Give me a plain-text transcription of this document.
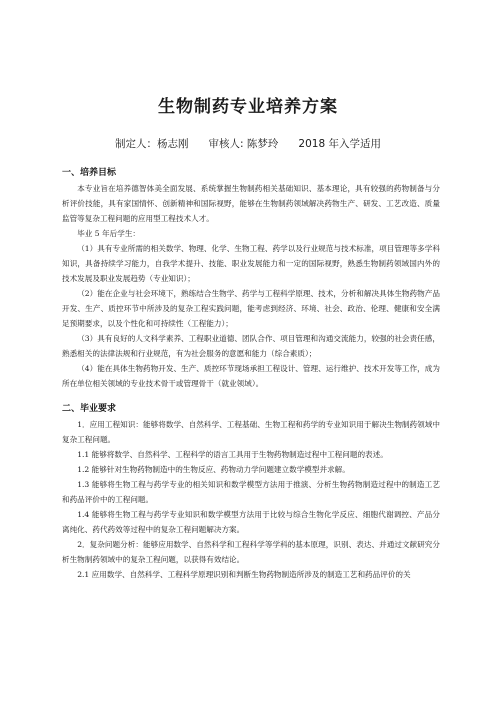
生物制药专业培养方案
制定人：杨志刚      审核人: 陈梦玲      2018 年入学适用
一、培养目标

本专业旨在培养德智体美全面发展、系统掌握生物制药相关基础知识、基本理论，具有较强的药物制备与分析评价技能，具有家国情怀、创新精神和国际视野，能够在生物制药领域解决药物生产、研发、工艺改造、质量监管等复杂工程问题的应用型工程技术人才。

毕业 5 年后学生：

（1）具有专业所需的相关数学、物理、化学、生物工程、药学以及行业规范与技术标准，项目管理等多学科知识，具备持续学习能力，自我学术提升、技能、职业发展能力和一定的国际视野，熟悉生物制药领域国内外的技术发展及职业发展趋势（专业知识）；

（2）能在企业与社会环境下，熟练结合生物学、药学与工程科学原理、技术，分析和解决具体生物药物产品开发、生产、质控环节中所涉及的复杂工程实践问题，能考虑到经济、环境、社会、政治、伦理、健康和安全满足预期要求，以及个性化和可持续性（工程能力）；

（3）具有良好的人文科学素养、工程职业道德、团队合作、项目管理和沟通交流能力，较强的社会责任感，熟悉相关的法律法规和行业规范，有为社会服务的意愿和能力（综合素质）；

（4）能在具体生物药物开发、生产、质控环节现场承担工程设计、管理、运行维护、技术开发等工作，成为所在单位相关领域的专业技术骨干或管理骨干（就业领域）。

二、毕业要求

1．应用工程知识：能够将数学、自然科学、工程基础、生物工程和药学的专业知识用于解决生物制药领域中复杂工程问题。

1.1 能够将数学、自然科学、工程科学的语言工具用于生物药物制造过程中工程问题的表述。

1.2 能够针对生物药物制造中的生物反应、药物动力学问题建立数学模型并求解。

1.3 能够将生物工程与药学专业的相关知识和数学模型方法用于推演、分析生物药物制造过程中的制造工艺和药品评价中的工程问题。

1.4 能够将生物工程与药学专业知识和数学模型方法用于比较与综合生物化学反应、细胞代谢调控、产品分离纯化、药代药效等过程中的复杂工程问题解决方案。

2．复杂问题分析：能够应用数学、自然科学和工程科学等学科的基本原理，识别、表达、并通过文献研究分析生物制药领域中的复杂工程问题，以获得有效结论。

2.1 应用数学、自然科学、工程科学原理识别和判断生物药物制造所涉及的制造工艺和药品评价的关
